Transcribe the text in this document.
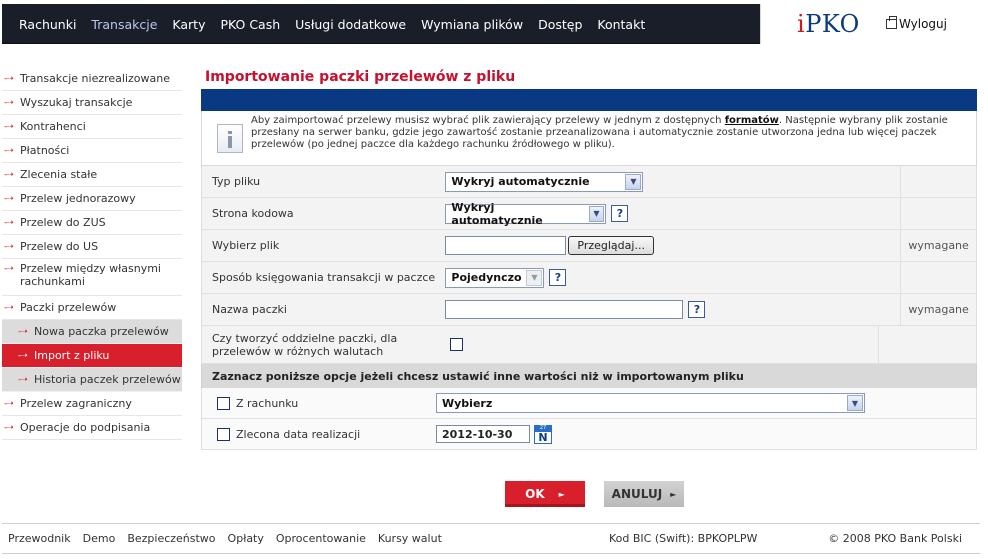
Rachunki Transakcje Karty PKO Cash Usługi dodatkowe Wymiana plików Dostęp Kontakt	iPKO	Wyloguj
-➝ Transakcje niezrealizowane
-➝ Wyszukaj transakcje
-➝ Kontrahenci
-➝ Płatności
-➝ Zlecenia stałe
-➝ Przelew jednorazowy
-➝ Przelew do ZUS
-➝ Przelew do US
-➝ Przelew między własnymi rachunkami
-➝ Paczki przelewów
-➝ Nowa paczka przelewów
-➝ Import z pliku
-➝ Historia paczek przelewów
-➝ Przelew zagraniczny
-➝ Operacje do podpisania
Importowanie paczki przelewów z pliku
Aby zaimportować przelewy musisz wybrać plik zawierający przelewy w jednym z dostępnych formatów. Następnie wybrany plik zostanie przesłany na serwer banku, gdzie jego zawartość zostanie przeanalizowana i automatycznie zostanie utworzona jedna lub więcej paczek przelewów (po jednej paczce dla każdego rachunku źródłowego w pliku).
Typ pliku	Wykryj automatycznie	▼
Strona kodowa	Wykryj automatycznie	▼	?
Wybierz plik	Przeglądaj...	wymagane
Sposób księgowania transakcji w paczce	Pojedynczo	▼	?
Nazwa paczki	?	wymagane
Czy tworzyć oddzielne paczki, dla przelewów w różnych walutach
Zaznacz poniższe opcje jeżeli chcesz ustawić inne wartości niż w importowanym pliku
Z rachunku	Wybierz	▼
Zlecona data realizacji	2012-10-30	27
N
OK ►	ANULUJ ►
Przewodnik Demo Bezpieczeństwo Opłaty Oprocentowanie Kursy walut	Kod BIC (Swift): BPKOPLPW	© 2008 PKO Bank Polski
